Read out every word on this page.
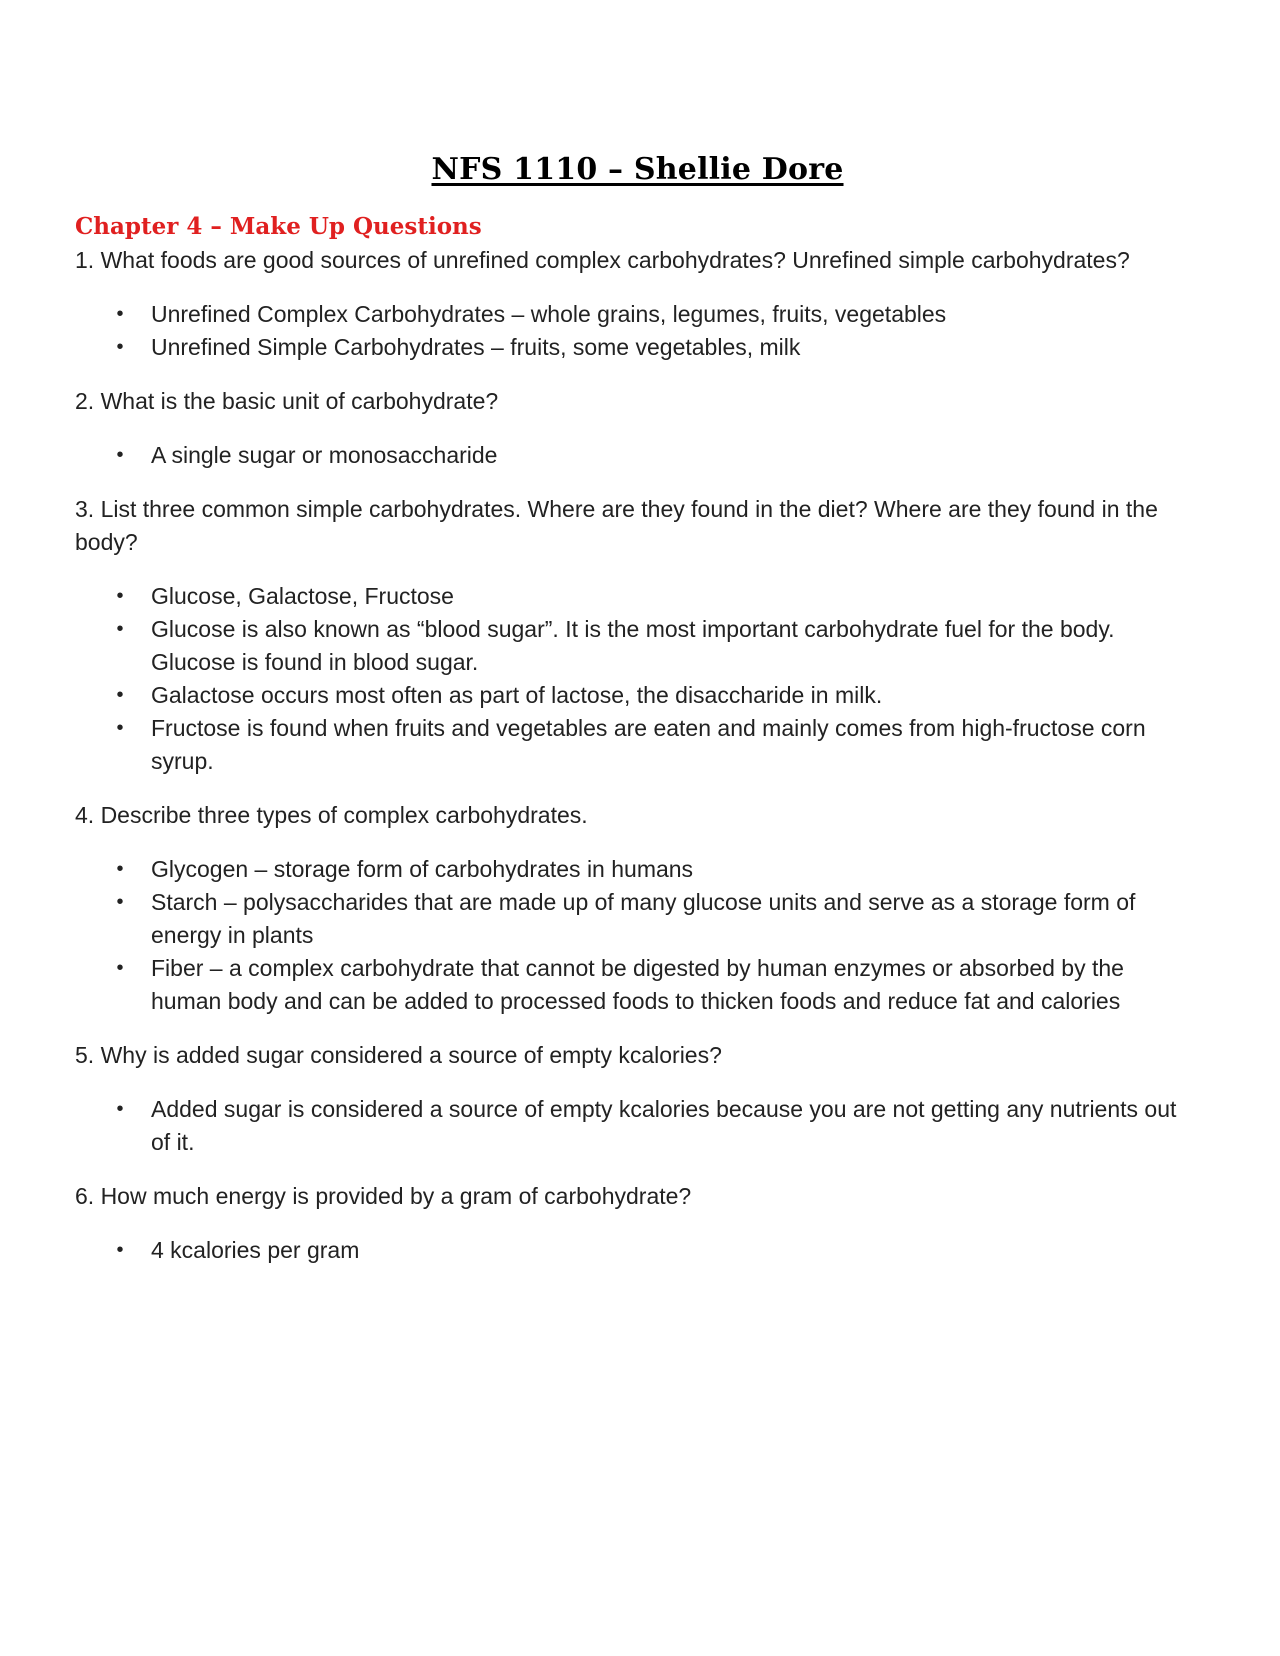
NFS 1110 – Shellie Dore
Chapter 4 – Make Up Questions

1. What foods are good sources of unrefined complex carbohydrates? Unrefined simple carbohydrates?

• Unrefined Complex Carbohydrates – whole grains, legumes, fruits, vegetables
• Unrefined Simple Carbohydrates – fruits, some vegetables, milk

2. What is the basic unit of carbohydrate?

• A single sugar or monosaccharide

3. List three common simple carbohydrates. Where are they found in the diet? Where are they found in the body?

• Glucose, Galactose, Fructose
• Glucose is also known as “blood sugar”. It is the most important carbohydrate fuel for the body. Glucose is found in blood sugar.
• Galactose occurs most often as part of lactose, the disaccharide in milk.
• Fructose is found when fruits and vegetables are eaten and mainly comes from high-fructose corn syrup.

4. Describe three types of complex carbohydrates.

• Glycogen – storage form of carbohydrates in humans
• Starch – polysaccharides that are made up of many glucose units and serve as a storage form of energy in plants
• Fiber – a complex carbohydrate that cannot be digested by human enzymes or absorbed by the human body and can be added to processed foods to thicken foods and reduce fat and calories

5. Why is added sugar considered a source of empty kcalories?

• Added sugar is considered a source of empty kcalories because you are not getting any nutrients out of it.

6. How much energy is provided by a gram of carbohydrate?

• 4 kcalories per gram
